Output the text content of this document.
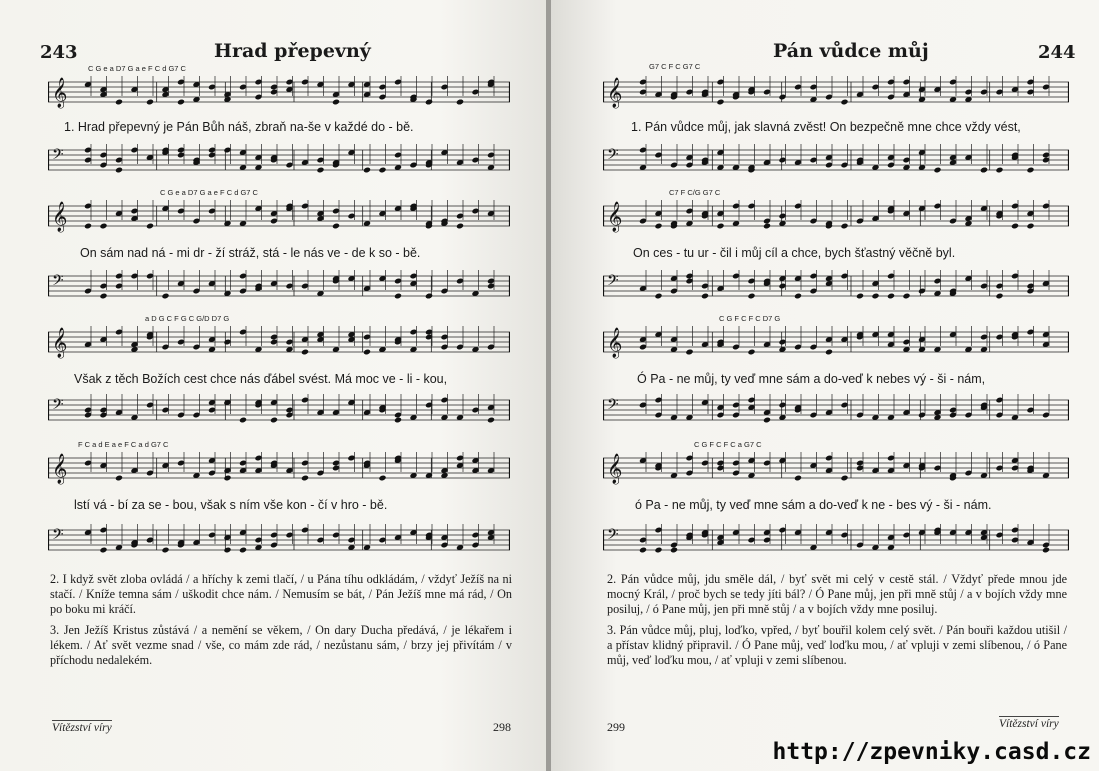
243	Hrad přepevný
C G e a D7 G a e F C d G7 C
𝄞
1. Hrad přepevný je Pán Bůh náš, zbraň na-še v každé do - bě.
𝄢
C G e a D7 G a e F C d G7 C
𝄞
On sám nad ná - mi dr - ží stráž, stá - le nás ve - de k so - bě.
𝄢
a D G C F G C G/D D7 G
𝄞
Však z těch Božích cest chce nás ďábel svést. Má moc ve - li - kou,
𝄢
F C a d E a e F C a d G7 C
𝄞
lstí vá - bí za se - bou, však s ním vše kon - čí v hro - bě.
𝄢

2. I když svět zloba ovládá / a hříchy k zemi tlačí, / u Pána tíhu odkládám, / vždyť Ježíš na ni stačí. / Kníže temna sám / uškodit chce nám. / Nemusím se bát, / Pán Ježíš mne má rád, / On po boku mi kráčí.

3. Jen Ježíš Kristus zůstává / a nemění se věkem, / On dary Ducha předává, / je lékařem i lékem. / Ať svět vezme snad / vše, co mám zde rád, / nezůstanu sám, / brzy jej přivítám / v příchodu nedalekém.

Vítězství víry	298
Pán vůdce můj	244
G7 C F C G7 C
𝄞
1. Pán vůdce můj, jak slavná zvěst! On bezpečně mne chce vždy vést,
𝄢
C7 F C/G G7 C
𝄞
On ces - tu ur - čil i můj cíl a chce, bych šťastný věčně byl.
𝄢
C G F C F C D7 G
𝄞
Ó Pa - ne můj, ty veď mne sám a do-veď k nebes vý - ši - nám,
𝄢
C G F C F C a G7 C
𝄞
ó Pa - ne můj, ty veď mne sám a do-veď k ne - bes vý - ši - nám.
𝄢

2. Pán vůdce můj, jdu směle dál, / byť svět mi celý v cestě stál. / Vždyť přede mnou jde mocný Král, / proč bych se tedy jíti bál? / Ó Pane můj, jen při mně stůj / a v bojích vždy mne posiluj, / ó Pane můj, jen při mně stůj / a v bojích vždy mne posiluj.

3. Pán vůdce můj, pluj, loďko, vpřed, / byť bouřil kolem celý svět. / Pán bouři každou utišil / a přístav klidný připravil. / Ó Pane můj, veď loďku mou, / ať vpluji v zemi slíbenou, / ó Pane můj, veď loďku mou, / ať vpluji v zemi slíbenou.

299	Vítězství víry
http://zpevniky.casd.cz
